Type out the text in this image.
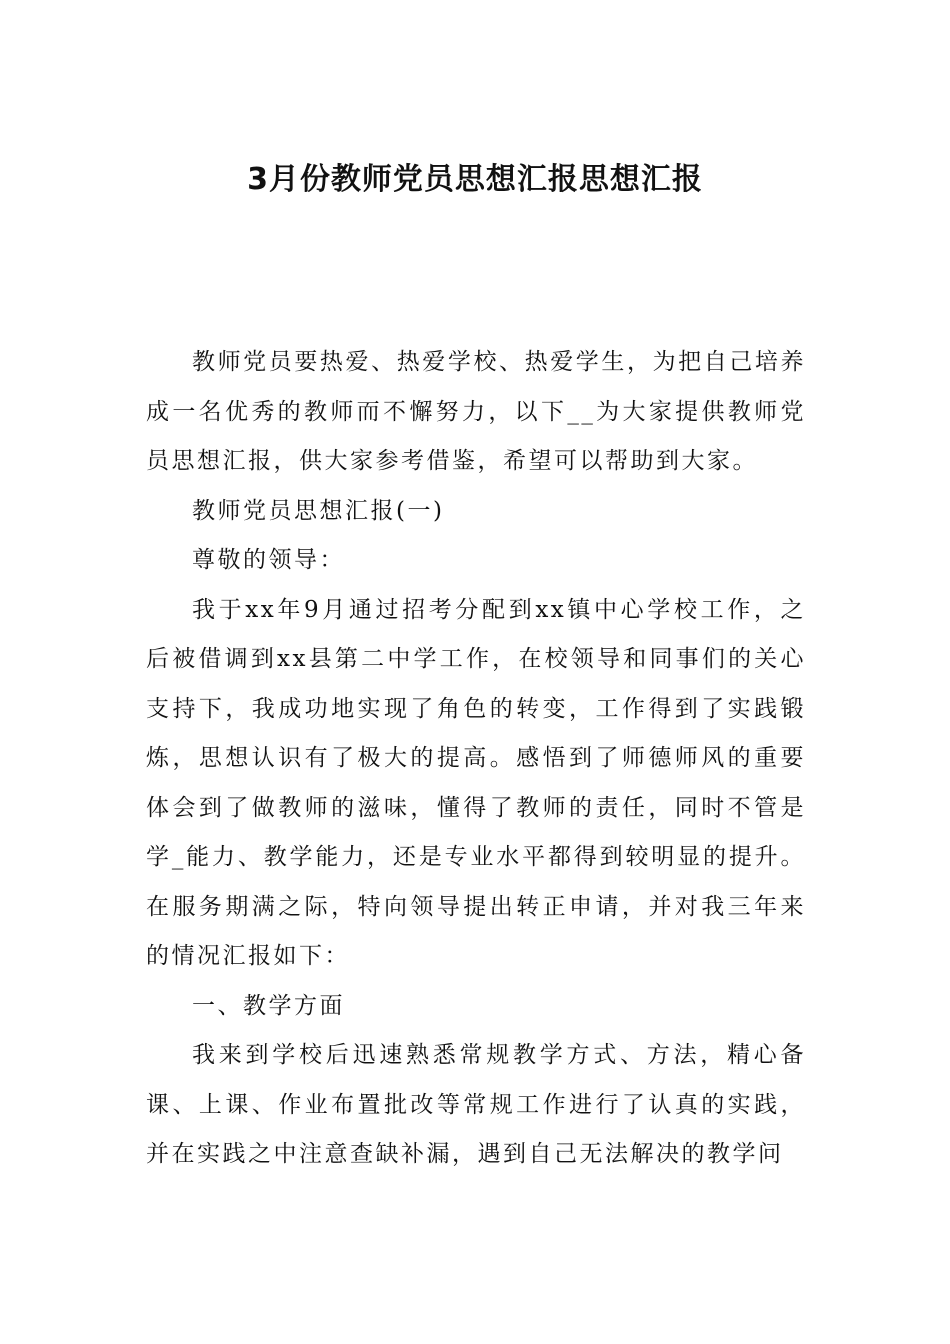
3月份教师党员思想汇报思想汇报

教师党员要热爱、热爱学校、热爱学生，为把自己培养成一名优秀的教师而不懈努力，以下__为大家提供教师党员思想汇报，供大家参考借鉴，希望可以帮助到大家。

教师党员思想汇报(一)

尊敬的领导：

我于xx年9月通过招考分配到xx镇中心学校工作，之后被借调到xx县第二中学工作，在校领导和同事们的关心支持下，我成功地实现了角色的转变，工作得到了实践锻炼，思想认识有了极大的提高。感悟到了师德师风的重要体会到了做教师的滋味，懂得了教师的责任，同时不管是学_能力、教学能力，还是专业水平都得到较明显的提升。在服务期满之际，特向领导提出转正申请，并对我三年来的情况汇报如下：

一、教学方面

我来到学校后迅速熟悉常规教学方式、方法，精心备课、上课、作业布置批改等常规工作进行了认真的实践，并在实践之中注意查缺补漏，遇到自己无法解决的教学问
